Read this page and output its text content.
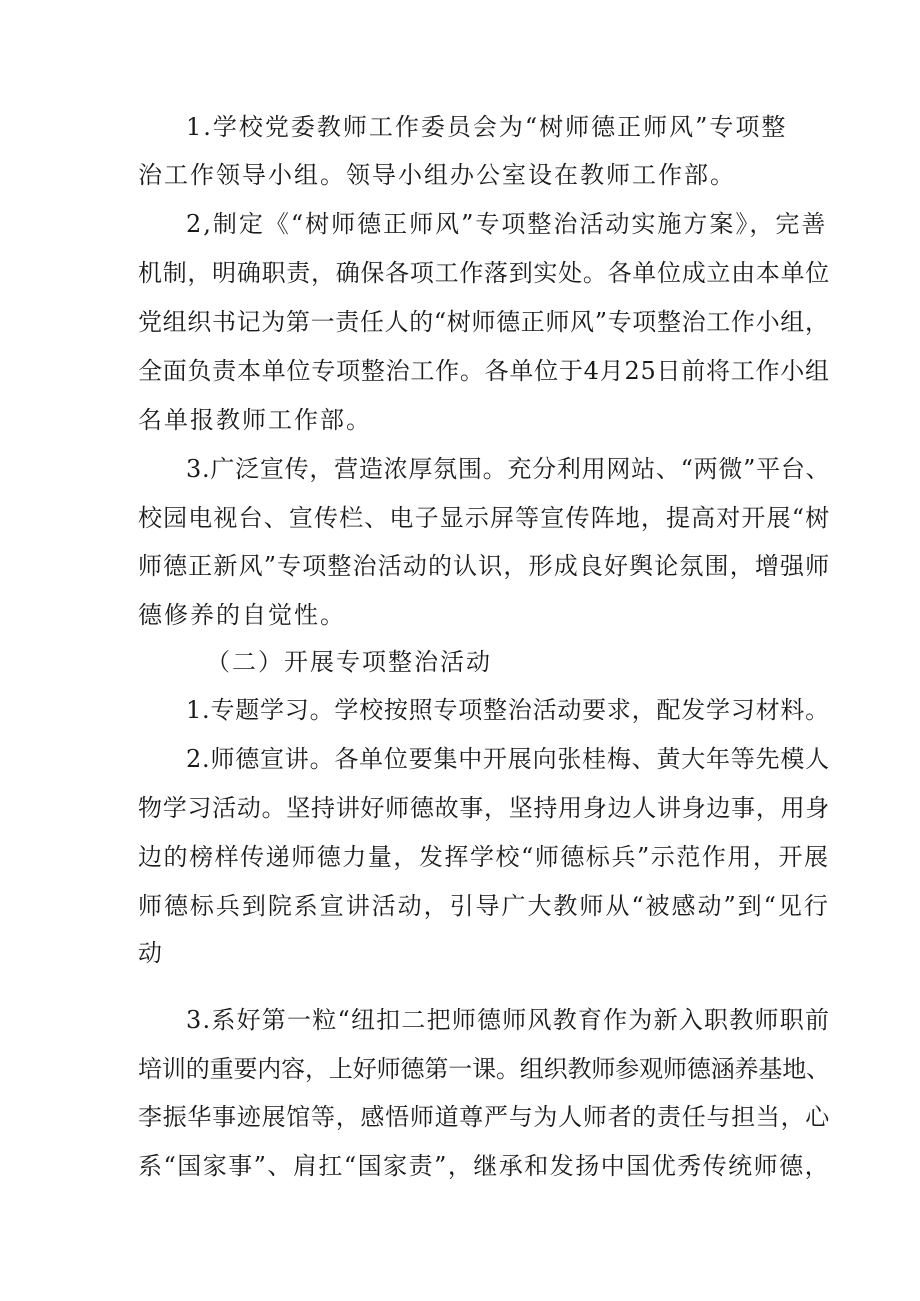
1.学校党委教师工作委员会为“树师德正师风”专项整
治工作领导小组。领导小组办公室设在教师工作部。
2,制定《“树师德正师风”专项整治活动实施方案》，完善
机制，明确职责，确保各项工作落到实处。各单位成立由本单位
党组织书记为第一责任人的“树师德正师风”专项整治工作小组，
全面负责本单位专项整治工作。各单位于4月25日前将工作小组
名单报教师工作部。
3.广泛宣传，营造浓厚氛围。充分利用网站、“两微”平台、
校园电视台、宣传栏、电子显示屏等宣传阵地，提高对开展“树
师德正新风”专项整治活动的认识，形成良好舆论氛围，增强师
德修养的自觉性。
（二）开展专项整治活动
1.专题学习。学校按照专项整治活动要求，配发学习材料。
2.师德宣讲。各单位要集中开展向张桂梅、黄大年等先模人
物学习活动。坚持讲好师德故事，坚持用身边人讲身边事，用身
边的榜样传递师德力量，发挥学校“师德标兵”示范作用，开展
师德标兵到院系宣讲活动，引导广大教师从“被感动”到“见行
动
3.系好第一粒“纽扣二把师德师风教育作为新入职教师职前
培训的重要内容，上好师德第一课。组织教师参观师德涵养基地、
李振华事迹展馆等，感悟师道尊严与为人师者的责任与担当，心
系“国家事”、肩扛“国家责”，继承和发扬中国优秀传统师德，
